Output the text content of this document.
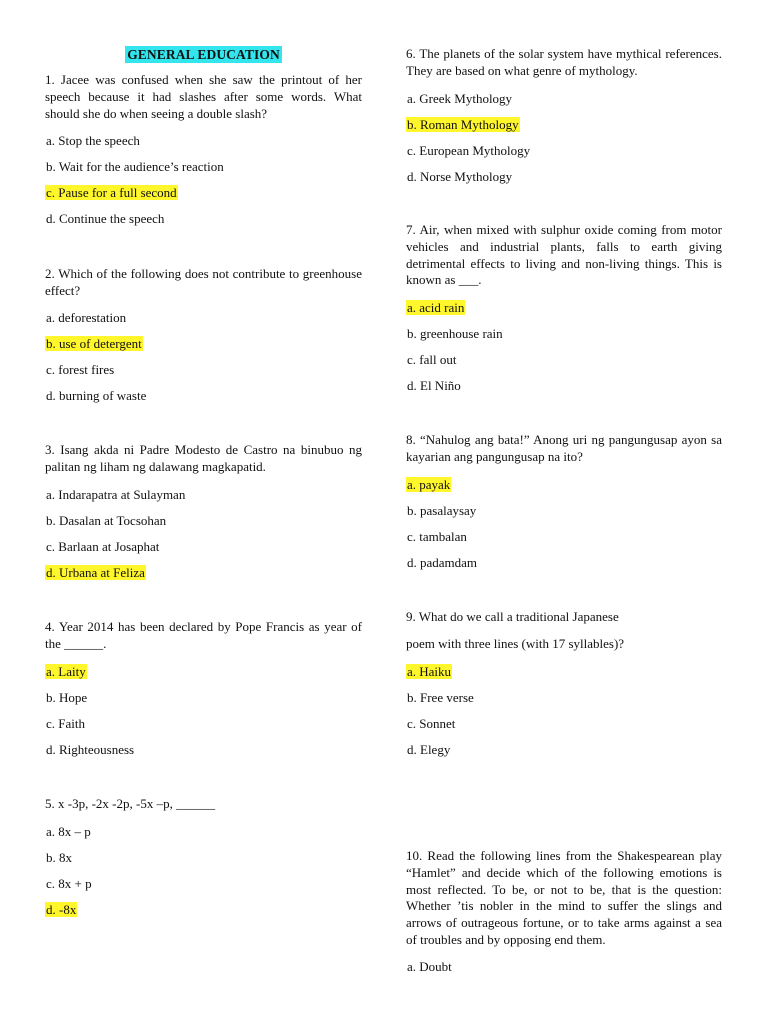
GENERAL EDUCATION

1. Jacee was confused when she saw the printout of her speech because it had slashes after some words. What should she do when seeing a double slash?

a. Stop the speech

b. Wait for the audience’s reaction

c. Pause for a full second

d. Continue the speech

2. Which of the following does not contribute to greenhouse effect?

a. deforestation

b. use of detergent

c. forest fires

d. burning of waste

3. Isang akda ni Padre Modesto de Castro na binubuo ng palitan ng liham ng dalawang magkapatid.

a. Indarapatra at Sulayman

b. Dasalan at Tocsohan

c. Barlaan at Josaphat

d. Urbana at Feliza

4. Year 2014 has been declared by Pope Francis as year of the ______.

a. Laity

b. Hope

c. Faith

d. Righteousness

5. x -3p, -2x -2p, -5x –p, ______

a. 8x – p

b. 8x

c. 8x + p

d. -8x

6. The planets of the solar system have mythical references. They are based on what genre of mythology.

a. Greek Mythology

b. Roman Mythology

c. European Mythology

d. Norse Mythology

7. Air, when mixed with sulphur oxide coming from motor vehicles and industrial plants, falls to earth giving detrimental effects to living and non-living things. This is known as ___.

a. acid rain

b. greenhouse rain

c. fall out

d. El Niño

8. “Nahulog ang bata!” Anong uri ng pangungusap ayon sa kayarian ang pangungusap na ito?

a. payak

b. pasalaysay

c. tambalan

d. padamdam

9. What do we call a traditional Japanese

poem with three lines (with 17 syllables)?

a. Haiku

b. Free verse

c. Sonnet

d. Elegy

10. Read the following lines from the Shakespearean play “Hamlet” and decide which of the following emotions is most reflected. To be, or not to be, that is the question: Whether ’tis nobler in the mind to suffer the slings and arrows of outrageous fortune, or to take arms against a sea of troubles and by opposing end them.

a. Doubt
